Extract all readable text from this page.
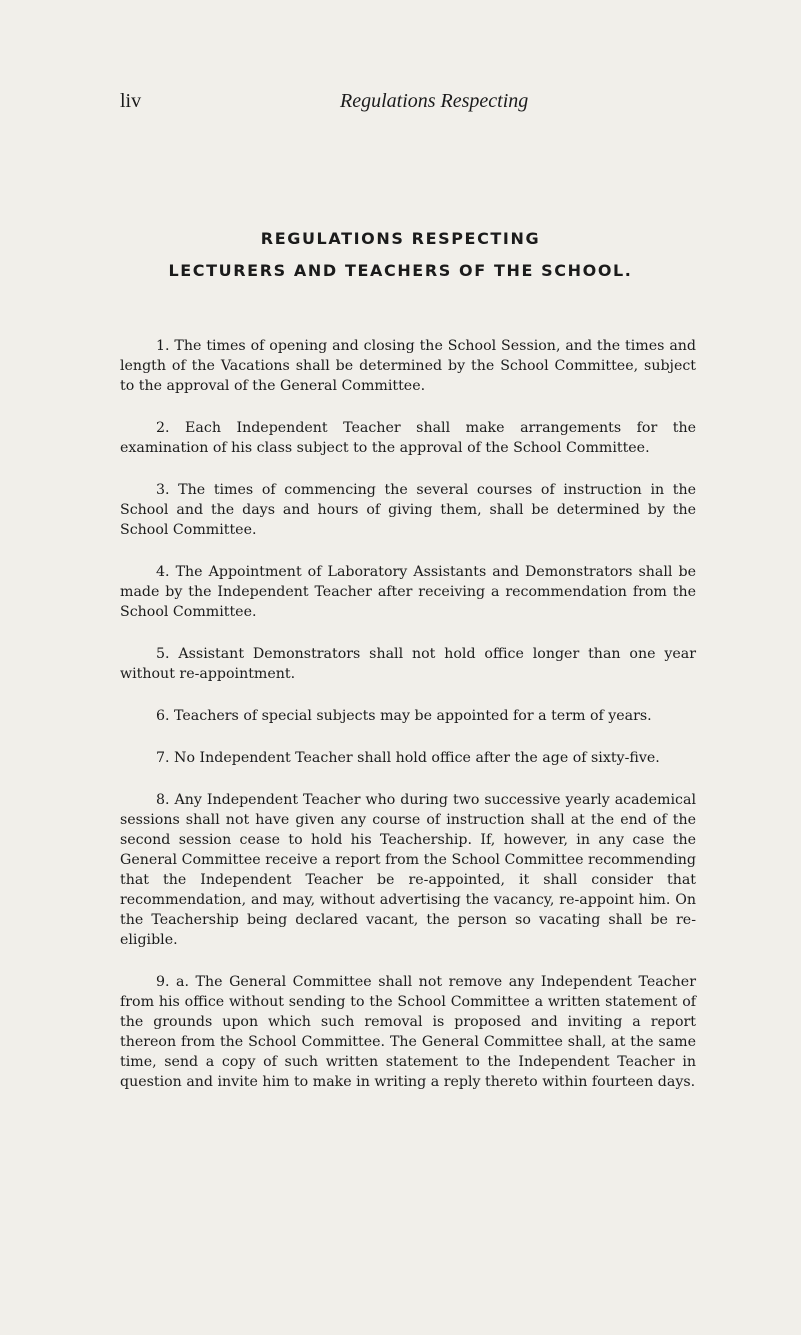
liv	Regulations Respecting
REGULATIONS RESPECTING
LECTURERS AND TEACHERS OF THE SCHOOL.

1. The times of opening and closing the School Session, and the times and length of the Vacations shall be determined by the School Committee, subject to the approval of the General Committee.

2. Each Independent Teacher shall make arrangements for the examination of his class subject to the approval of the School Committee.

3. The times of commencing the several courses of instruction in the School and the days and hours of giving them, shall be determined by the School Committee.

4. The Appointment of Laboratory Assistants and Demonstrators shall be made by the Independent Teacher after receiving a recommendation from the School Committee.

5. Assistant Demonstrators shall not hold office longer than one year without re-appointment.

6. Teachers of special subjects may be appointed for a term of years.

7. No Independent Teacher shall hold office after the age of sixty-five.

8. Any Independent Teacher who during two successive yearly academical sessions shall not have given any course of instruction shall at the end of the second session cease to hold his Teachership. If, however, in any case the General Committee receive a report from the School Committee recommending that the Independent Teacher be re-appointed, it shall consider that recommendation, and may, without advertising the vacancy, re-appoint him. On the Teachership being declared vacant, the person so vacating shall be re-eligible.

9. a. The General Committee shall not remove any Independent Teacher from his office without sending to the School Committee a written statement of the grounds upon which such removal is proposed and inviting a report thereon from the School Committee. The General Committee shall, at the same time, send a copy of such written statement to the Independent Teacher in question and invite him to make in writing a reply thereto within fourteen days.
